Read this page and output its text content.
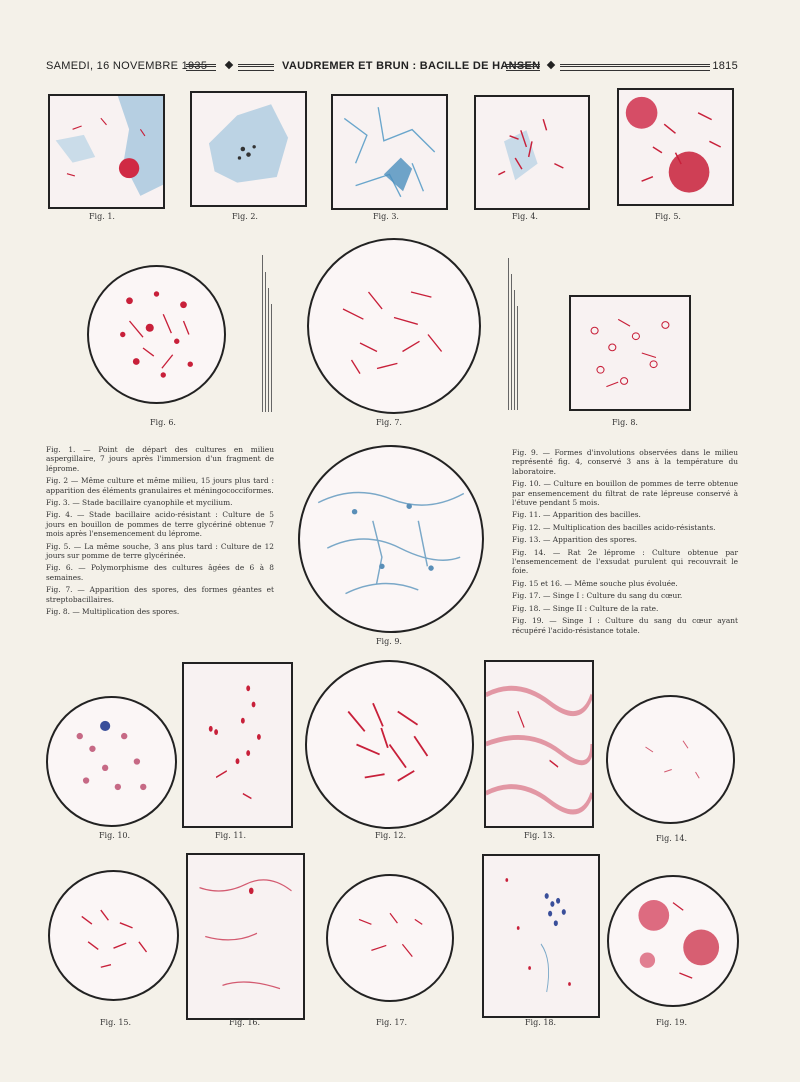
SAMEDI, 16 NOVEMBRE 1935	VAUDREMER ET BRUN : BACILLE DE HANSEN	1815
Fig. 1.	Fig. 2.	Fig. 3.	Fig. 4.	Fig. 5.
Fig. 6.	Fig. 7.	Fig. 8.
Fig. 1. — Point de départ des cultures en milieu aspergillaire, 7 jours après l'immersion d'un fragment de lépromе.
Fig. 2 — Même culture et même milieu, 15 jours plus tard : apparition des éléments granulaires et méningococciformes.
Fig. 3. — Stade bacillaire cyanophile et mycilium.
Fig. 4. — Stade bacillaire acido-résistant : Culture de 5 jours en bouillon de pommes de terre glycériné obtenue 7 mois après l'ensemencement du lépromе.
Fig. 5. — La même souche, 3 ans plus tard : Culture de 12 jours sur pomme de terre glycérinée.
Fig. 6. — Polymorphisme des cultures âgées de 6 à 8 semaines.
Fig. 7. — Apparition des spores, des formes géantes et streptobacillaires.
Fig. 8. — Multiplication des spores.
Fig. 9. — Formes d'involutions observées dans le milieu représenté fig. 4, conservé 3 ans à la température du laboratoire.
Fig. 10. — Culture en bouillon de pommes de terre obtenue par ensemencement du filtrat de rate lépreuse conservé à l'étuve pendant 5 mois.
Fig. 11. — Apparition des bacilles.
Fig. 12. — Multiplication des bacilles acido-résistants.
Fig. 13. — Apparition des spores.
Fig. 14. — Rat 2e lépromе : Culture obtenue par l'ensemencement de l'exsudat purulent qui recouvrait le foie.
Fig. 15 et 16. — Même souche plus évoluée.
Fig. 17. — Singe I : Culture du sang du cœur.
Fig. 18. — Singe II : Culture de la rate.
Fig. 19. — Singe I : Culture du sang du cœur ayant récupéré l'acido-résistance totale.
Fig. 9.
Fig. 10.	Fig. 11.	Fig. 12.	Fig. 13.	Fig. 14.
Fig. 15.	Fig. 16.	Fig. 17.	Fig. 18.	Fig. 19.
